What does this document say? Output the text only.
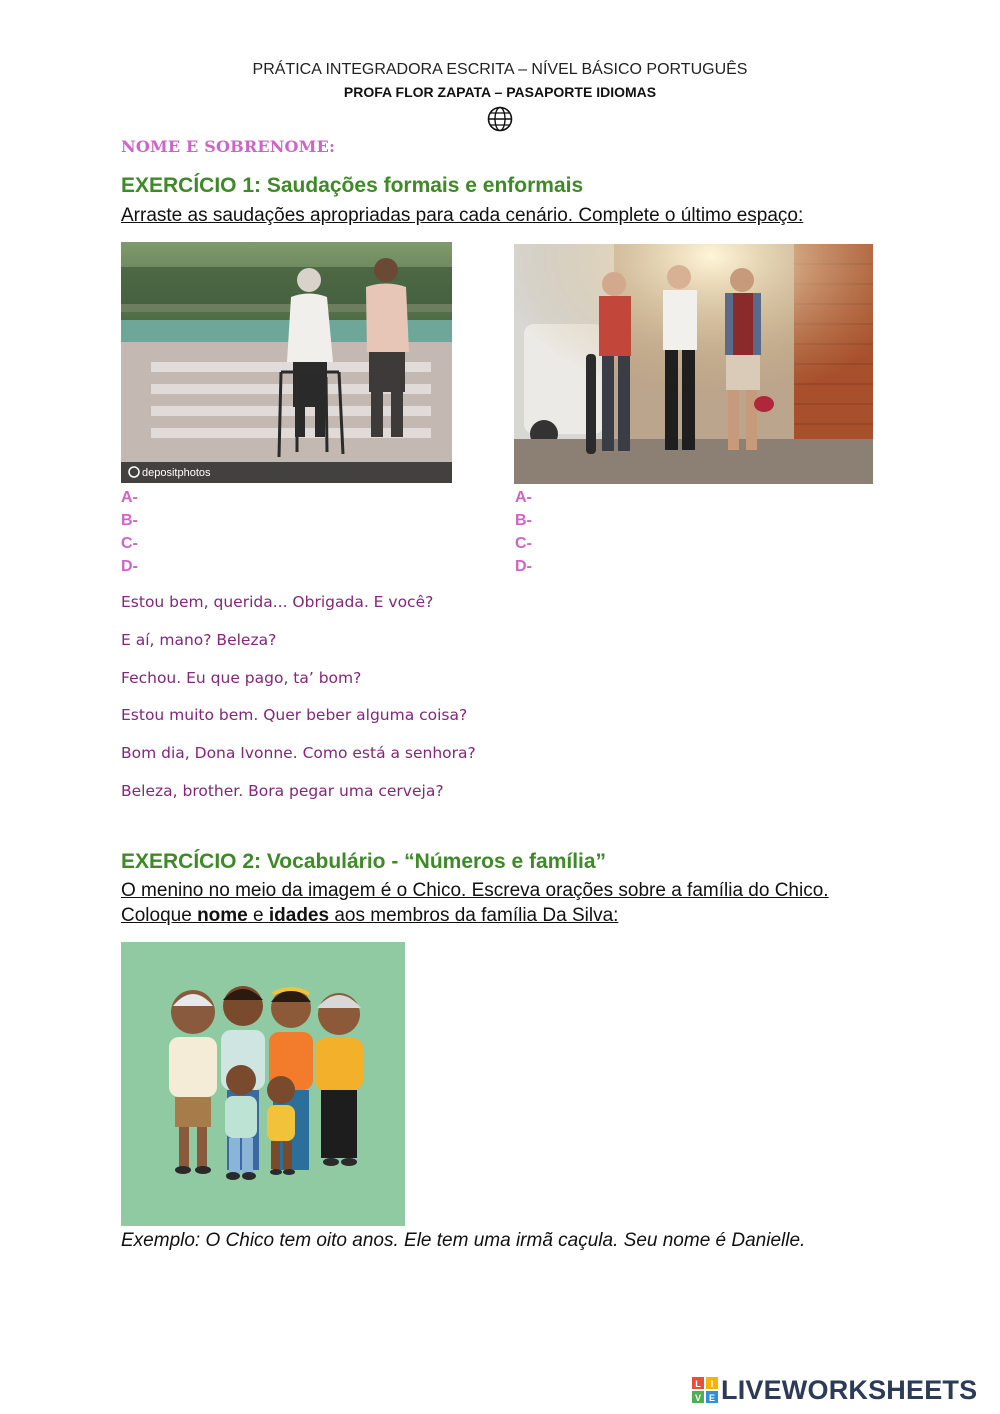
PRÁTICA INTEGRADORA ESCRITA – NÍVEL BÁSICO PORTUGUÊS
PROFA FLOR ZAPATA – PASAPORTE IDIOMAS
NOME E SOBRENOME:
EXERCÍCIO 1: Saudações formais e enformais
Arraste as saudações apropriadas para cada cenário. Complete o último espaço:
depositphotos
A-
B-
C-
D-
A-
B-
C-
D-
Estou bem, querida... Obrigada. E você?
E aí, mano? Beleza?
Fechou. Eu que pago, ta’ bom?
Estou muito bem. Quer beber alguma coisa?
Bom dia, Dona Ivonne. Como está a senhora?
Beleza, brother. Bora pegar uma cerveja?
EXERCÍCIO 2: Vocabulário - “Números e família”
O menino no meio da imagem é o Chico. Escreva orações sobre a família do Chico.
Coloque nome e idades aos membros da família Da Silva:
Exemplo: O Chico tem oito anos. Ele tem uma irmã caçula. Seu nome é Danielle.
L I
V E LIVEWORKSHEETS
